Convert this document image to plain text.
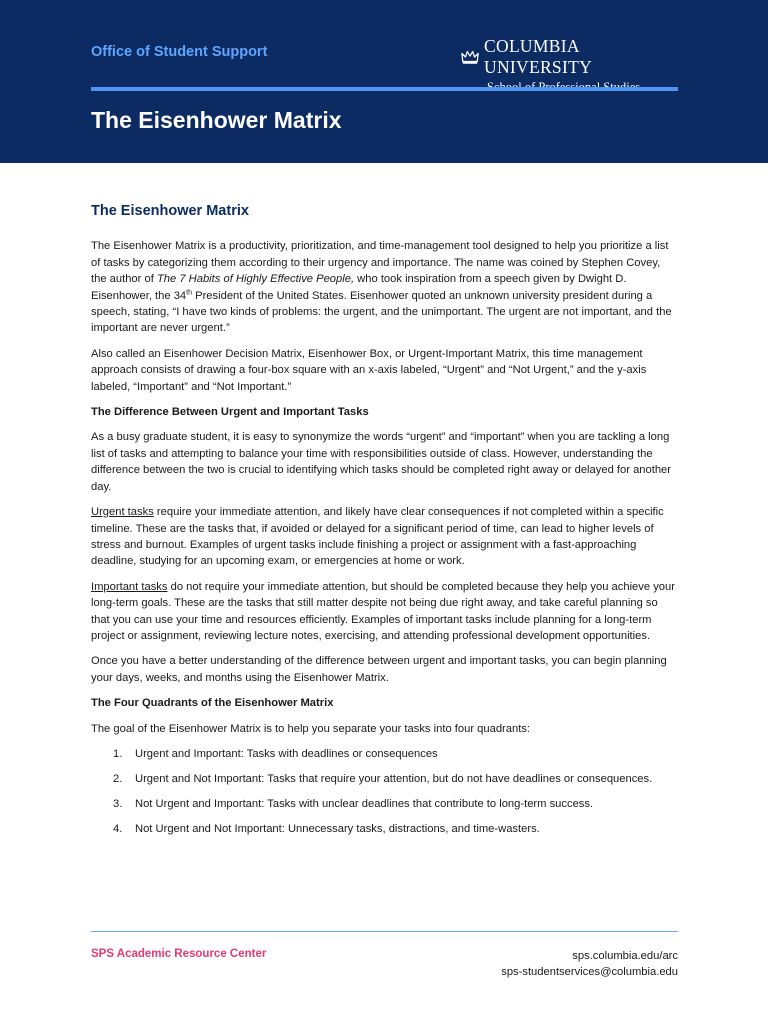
Office of Student Support	COLUMBIA UNIVERSITY
The Eisenhower Matrix
The Eisenhower Matrix

The Eisenhower Matrix is a productivity, prioritization, and time-management tool designed to help you prioritize a list of tasks by categorizing them according to their urgency and importance. The name was coined by Stephen Covey, the author of The 7 Habits of Highly Effective People, who took inspiration from a speech given by Dwight D. Eisenhower, the 34th President of the United States. Eisenhower quoted an unknown university president during a speech, stating, “I have two kinds of problems: the urgent, and the unimportant. The urgent are not important, and the important are never urgent.”

Also called an Eisenhower Decision Matrix, Eisenhower Box, or Urgent-Important Matrix, this time management approach consists of drawing a four-box square with an x-axis labeled, “Urgent” and “Not Urgent,” and the y-axis labeled, “Important” and “Not Important.”

The Difference Between Urgent and Important Tasks

As a busy graduate student, it is easy to synonymize the words “urgent” and “important” when you are tackling a long list of tasks and attempting to balance your time with responsibilities outside of class. However, understanding the difference between the two is crucial to identifying which tasks should be completed right away or delayed for another day.

Urgent tasks require your immediate attention, and likely have clear consequences if not completed within a specific timeline. These are the tasks that, if avoided or delayed for a significant period of time, can lead to higher levels of stress and burnout. Examples of urgent tasks include finishing a project or assignment with a fast-approaching deadline, studying for an upcoming exam, or emergencies at home or work.

Important tasks do not require your immediate attention, but should be completed because they help you achieve your long-term goals. These are the tasks that still matter despite not being due right away, and take careful planning so that you can use your time and resources efficiently. Examples of important tasks include planning for a long-term project or assignment, reviewing lecture notes, exercising, and attending professional development opportunities.

Once you have a better understanding of the difference between urgent and important tasks, you can begin planning your days, weeks, and months using the Eisenhower Matrix.

The Four Quadrants of the Eisenhower Matrix

The goal of the Eisenhower Matrix is to help you separate your tasks into four quadrants:

1.	Urgent and Important: Tasks with deadlines or consequences
2.	Urgent and Not Important: Tasks that require your attention, but do not have deadlines or consequences.
3.	Not Urgent and Important: Tasks with unclear deadlines that contribute to long-term success.
4.	Not Urgent and Not Important: Unnecessary tasks, distractions, and time-wasters.
SPS Academic Resource Center	sps.columbia.edu/arc
sps-studentservices@columbia.edu
